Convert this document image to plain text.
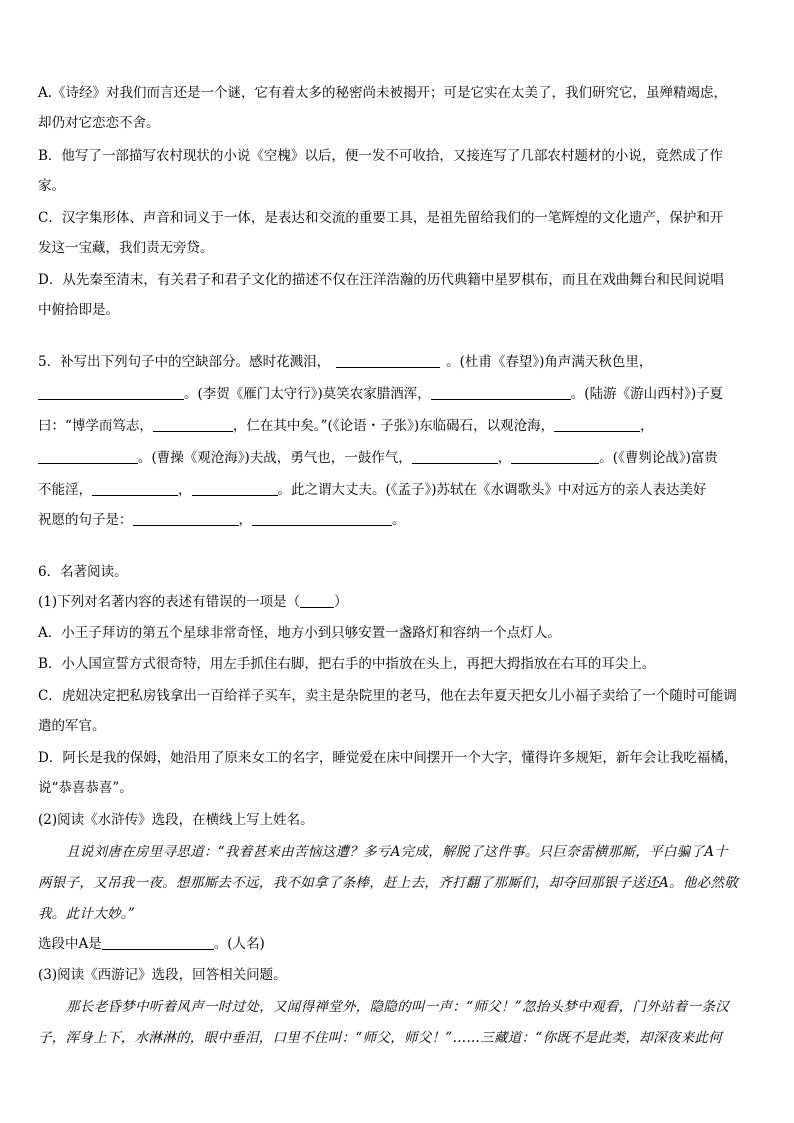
A.《诗经》对我们而言还是一个谜，它有着太多的秘密尚未被揭开；可是它实在太美了，我们研究它，虽殚精竭虑，
却仍对它恋恋不舍。
B．他写了一部描写农村现状的小说《空槐》以后，便一发不可收拾，又接连写了几部农村题材的小说，竟然成了作
家。
C．汉字集形体、声音和词义于一体，是表达和交流的重要工具，是祖先留给我们的一笔辉煌的文化遗产，保护和开
发这一宝藏，我们责无旁贷。
D．从先秦至清末，有关君子和君子文化的描述不仅在汪洋浩瀚的历代典籍中星罗棋布，而且在戏曲舞台和民间说唱
中俯拾即是。
5．补写出下列句子中的空缺部分。感时花溅泪，	。(杜甫《春望》)角声满天秋色里，
。(李贺《雁门太守行》)莫笑农家腊酒浑，	。(陆游《游山西村》)子夏
曰：“博学而笃志，	，仁在其中矣。”(《论语・子张》)东临碣石，以观沧海，	，
。(曹操《观沧海》)夫战，勇气也，一鼓作气，	，	。(《曹刿论战》)富贵
不能淫，	，	。此之谓大丈夫。(《孟子》)苏轼在《水调歌头》中对远方的亲人表达美好
祝愿的句子是：	，	。
6．名著阅读。
(1)下列对名著内容的表述有错误的一项是（	）
A．小王子拜访的第五个星球非常奇怪，地方小到只够安置一盏路灯和容纳一个点灯人。
B．小人国宣誓方式很奇特，用左手抓住右脚，把右手的中指放在头上，再把大拇指放在右耳的耳尖上。
C．虎妞决定把私房钱拿出一百给祥子买车，卖主是杂院里的老马，他在去年夏天把女儿小福子卖给了一个随时可能调
遣的军官。
D．阿长是我的保姆，她沿用了原来女工的名字，睡觉爱在床中间摆开一个大字，懂得许多规矩，新年会让我吃福橘，
说“恭喜恭喜”。
(2)阅读《水浒传》选段，在横线上写上姓名。
且说刘唐在房里寻思道：“我着甚来由苦恼这遭？多亏A完成，解脱了这件事。只巨奈雷横那厮，平白骗了A十
两银子，又吊我一夜。想那厮去不远，我不如拿了条棒，赶上去，齐打翻了那厮们，却夺回那银子送还A。他必然敬
我。此计大妙。”
选段中A是	。(人名)
(3)阅读《西游记》选段，回答相关问题。
那长老昏梦中听着风声一时过处，又闻得禅堂外，隐隐的叫一声：“师父！”忽抬头梦中观看，门外站着一条汉
子，浑身上下，水淋淋的，眼中垂泪，口里不住叫：“师父，师父！”……三藏道：“你既不是此类，却深夜来此何
